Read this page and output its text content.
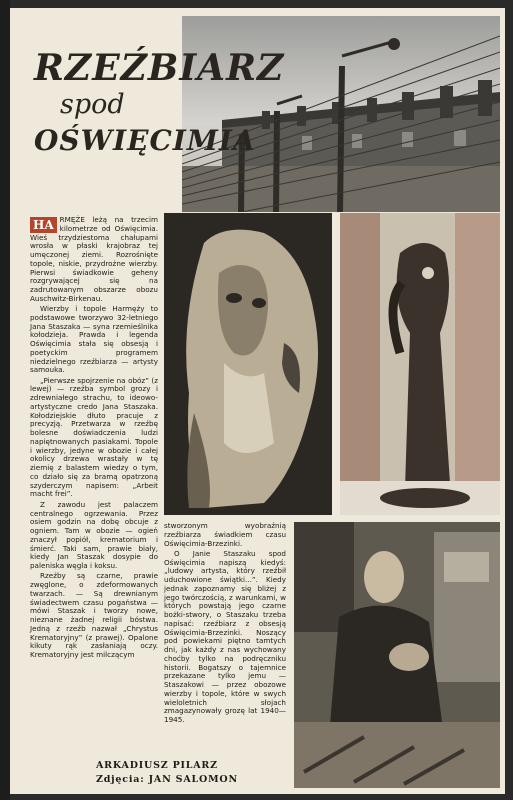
RZEŹBIARZ
spod
OŚWIĘCIMIA

HA RMĘŻE leżą na trzecim kilometrze od Oświęcimia. Wieś trzydziestoma chałupami wrosła w płaski krajobraz tej umęczonej ziemi. Rozrośnięte topole, niskie, przydrożne wierzby. Pierwsi świadkowie geheny rozgrywającej się na zadrutowanym obszarze obozu Auschwitz-Birkenau.

Wierzby i topole Harmęży to podstawowe tworzywo 32-letniego Jana Staszaka — syna rzemieślnika kołodzieja. Prawda i legenda Oświęcimia stała się obsesją i poetyckim programem niedzielnego rzeźbiarza — artysty samouka.

„Pierwsze spojrzenie na obóz” (z lewej) — rzeźba symbol grozy i zdrewniałego strachu, to ideowo-artystyczne credo Jana Staszaka. Kołodziejskie dłuto pracuje z precyzją. Przetwarza w rzeźbę bolesne doświadczenia ludzi napiętnowanych pasiakami. Topole i wierzby, jedyne w obozie i całej okolicy drzewa wrastały w tę ziemię z balastem wiedzy o tym, co działo się za bramą opatrzoną szyderczym napisem: „Arbeit macht frei”.

Z zawodu jest palaczem centralnego ogrzewania. Przez osiem godzin na dobę obcuje z ogniem. Tam w obozie — ogień znaczył popiół, krematorium i śmierć. Taki sam, prawie biały, kiedy Jan Staszak dosypie do paleniska węgla i koksu.

Rzeźby są czarne, prawie zwęglone, o zdeformowanych twarzach. — Są drewnianym świadectwem czasu pogaństwa — mówi Staszak i tworzy nowe, nieznane żadnej religii bóstwa. Jedną z rzeźb nazwał „Chrystus Krematoryjny” (z prawej). Opalone kikuty rąk zasłaniają oczy. Krematoryjny jest milczącym

stworzonym wyobraźnią rzeźbiarza świadkiem czasu Oświęcimia-Brzezinki.

O Janie Staszaku spod Oświęcimia napiszą kiedyś: „ludowy artysta, który rzeźbił uduchowione świątki...”. Kiedy jednak zapoznamy się bliżej z jego twórczością, z warunkami, w których powstają jego czarne bożki-stwory, o Staszaku trzeba napisać: rzeźbiarz z obsesją Oświęcimia-Brzezinki. Noszący pod powiekami piętno tamtych dni, jak każdy z nas wychowany choćby tylko na podręczniku historii. Bogatszy o tajemnice przekazane tylko jemu — Staszakowi — przez obozowe wierzby i topole, które w swych wieloletnich słojach zmagazynowały grozę lat 1940—1945.

ARKADIUSZ PILARZ
Zdjęcia: JAN SALOMON
